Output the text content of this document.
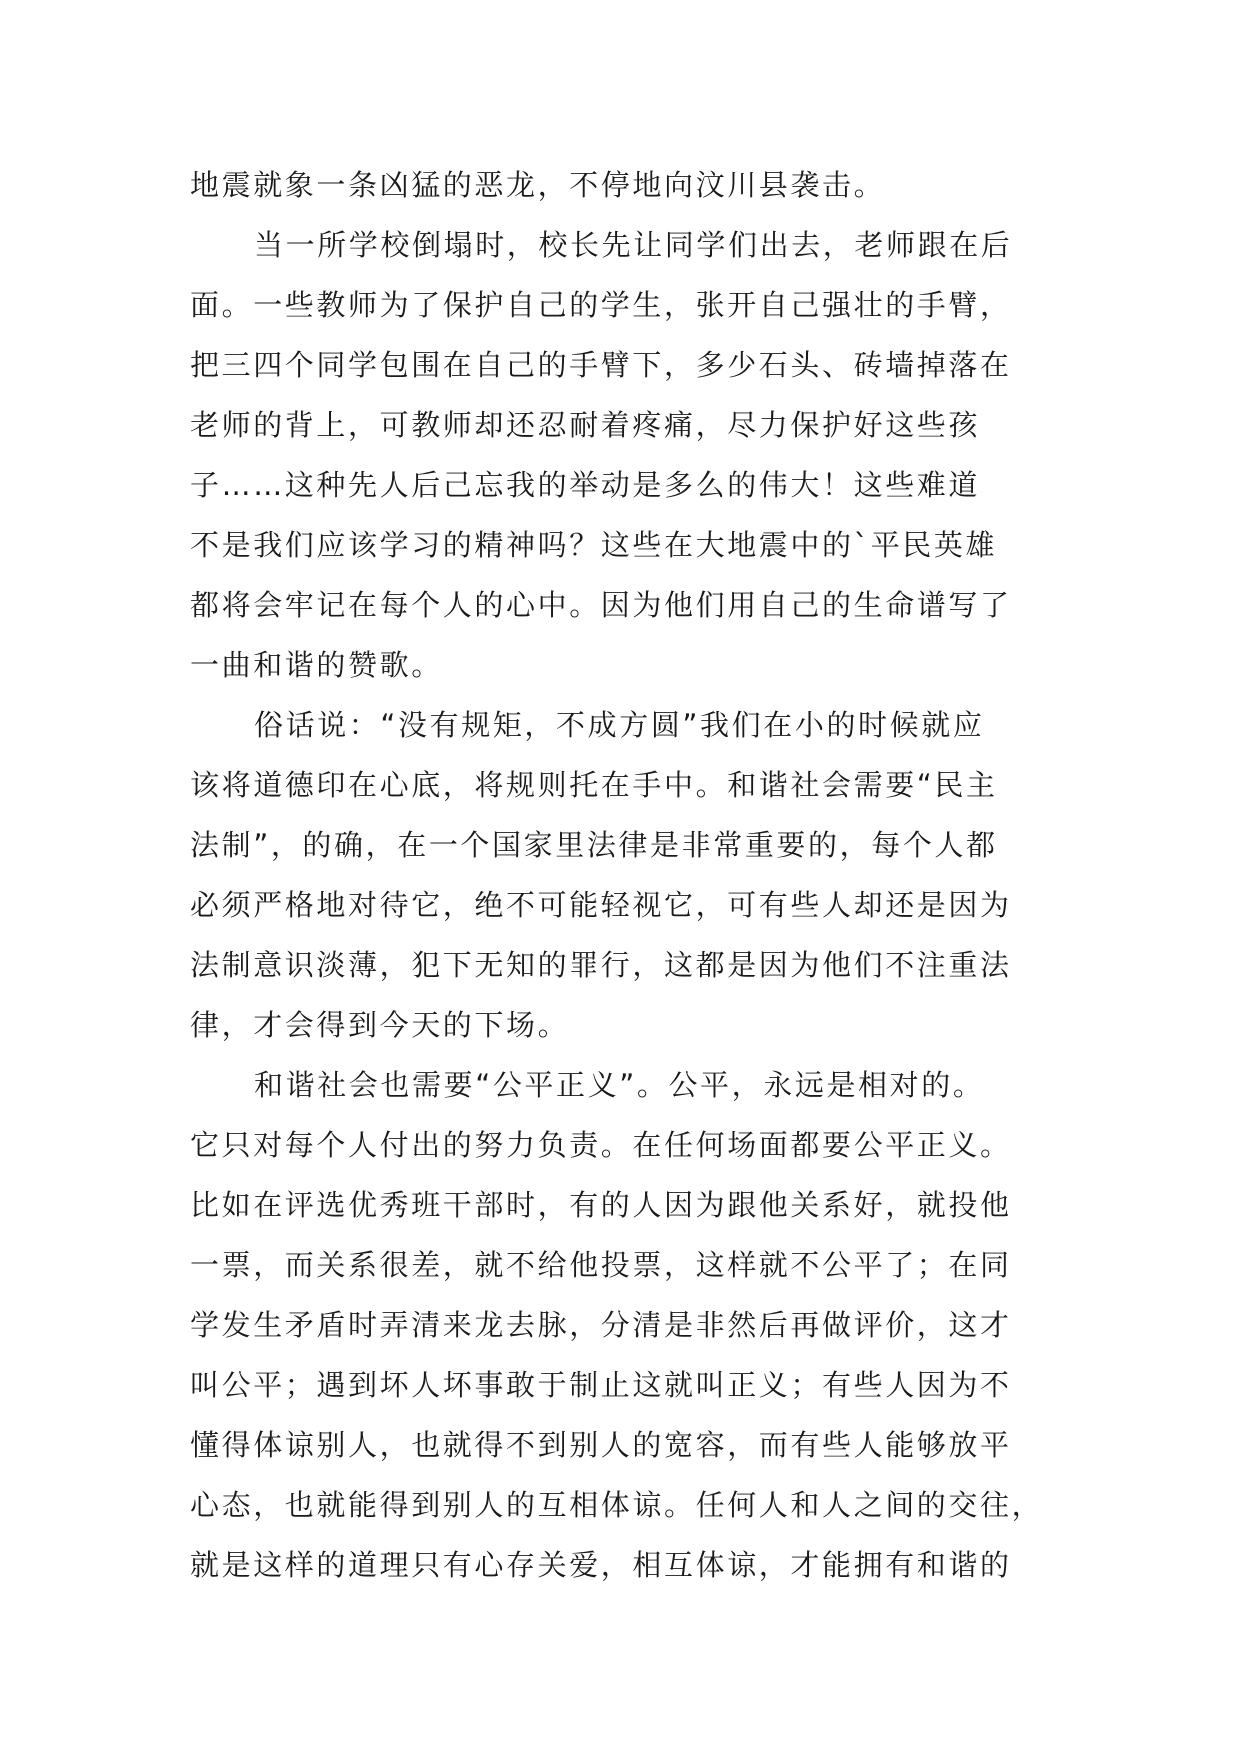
地震就象一条凶猛的恶龙，不停地向汶川县袭击。
当一所学校倒塌时，校长先让同学们出去，老师跟在后
面。一些教师为了保护自己的学生，张开自己强壮的手臂，
把三四个同学包围在自己的手臂下，多少石头、砖墙掉落在
老师的背上，可教师却还忍耐着疼痛，尽力保护好这些孩
子……这种先人后己忘我的举动是多么的伟大！这些难道
不是我们应该学习的精神吗？这些在大地震中的`平民英雄
都将会牢记在每个人的心中。因为他们用自己的生命谱写了
一曲和谐的赞歌。
俗话说：“没有规矩，不成方圆”我们在小的时候就应
该将道德印在心底，将规则托在手中。和谐社会需要“民主
法制”，的确，在一个国家里法律是非常重要的，每个人都
必须严格地对待它，绝不可能轻视它，可有些人却还是因为
法制意识淡薄，犯下无知的罪行，这都是因为他们不注重法
律，才会得到今天的下场。
和谐社会也需要“公平正义”。公平，永远是相对的。
它只对每个人付出的努力负责。在任何场面都要公平正义。
比如在评选优秀班干部时，有的人因为跟他关系好，就投他
一票，而关系很差，就不给他投票，这样就不公平了；在同
学发生矛盾时弄清来龙去脉，分清是非然后再做评价，这才
叫公平；遇到坏人坏事敢于制止这就叫正义；有些人因为不
懂得体谅别人，也就得不到别人的宽容，而有些人能够放平
心态，也就能得到别人的互相体谅。任何人和人之间的交往，
就是这样的道理只有心存关爱，相互体谅，才能拥有和谐的
